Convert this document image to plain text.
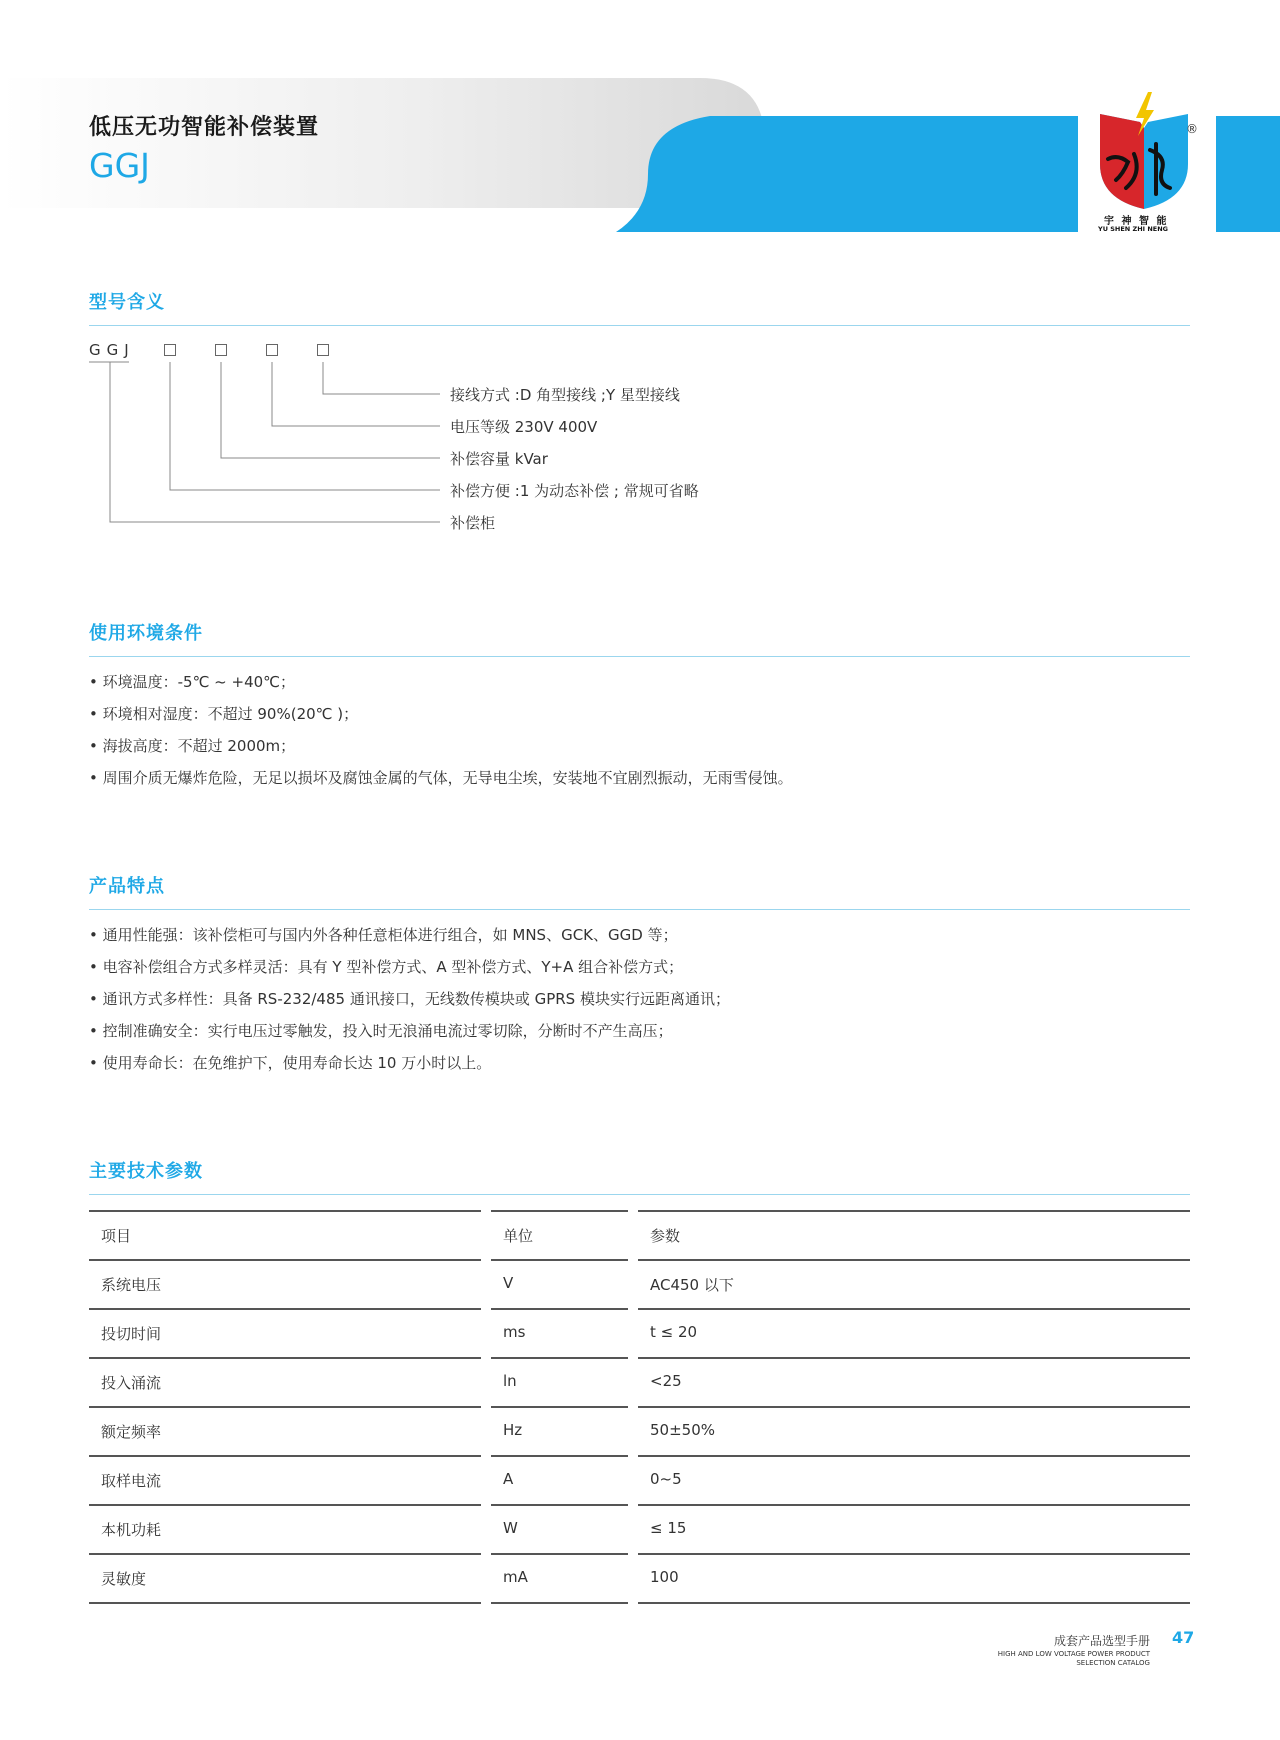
宇 神 智 能
YU SHEN ZHI NENG
®
低压无功智能补偿装置
GGJ
型号含义
GGJ
接线方式 :D 角型接线 ;Y 星型接线
电压等级 230V 400V
补偿容量 kVar
补偿方便 :1 为动态补偿 ; 常规可省略
补偿柜
使用环境条件
• 环境温度：-5℃ ~ +40℃；
• 环境相对湿度：不超过 90%(20℃ )；
• 海拔高度：不超过 2000m；
• 周围介质无爆炸危险，无足以损坏及腐蚀金属的气体，无导电尘埃，安装地不宜剧烈振动，无雨雪侵蚀。
产品特点
• 通用性能强：该补偿柜可与国内外各种任意柜体进行组合，如 MNS、GCK、GGD 等；
• 电容补偿组合方式多样灵活：具有 Y 型补偿方式、A 型补偿方式、Y+A 组合补偿方式；
• 通讯方式多样性：具备 RS-232/485 通讯接口，无线数传模块或 GPRS 模块实行远距离通讯；
• 控制准确安全：实行电压过零触发，投入时无浪涌电流过零切除，分断时不产生高压；
• 使用寿命长：在免维护下，使用寿命长达 10 万小时以上。
主要技术参数
项目	单位	参数
系统电压	V	AC450 以下
投切时间	ms	t ≤ 20
投入涌流	ln	<25
额定频率	Hz	50±50%
取样电流	A	0~5
本机功耗	W	≤ 15
灵敏度	mA	100
成套产品选型手册
HIGH AND LOW VOLTAGE POWER PRODUCT
SELECTION CATALOG
47
